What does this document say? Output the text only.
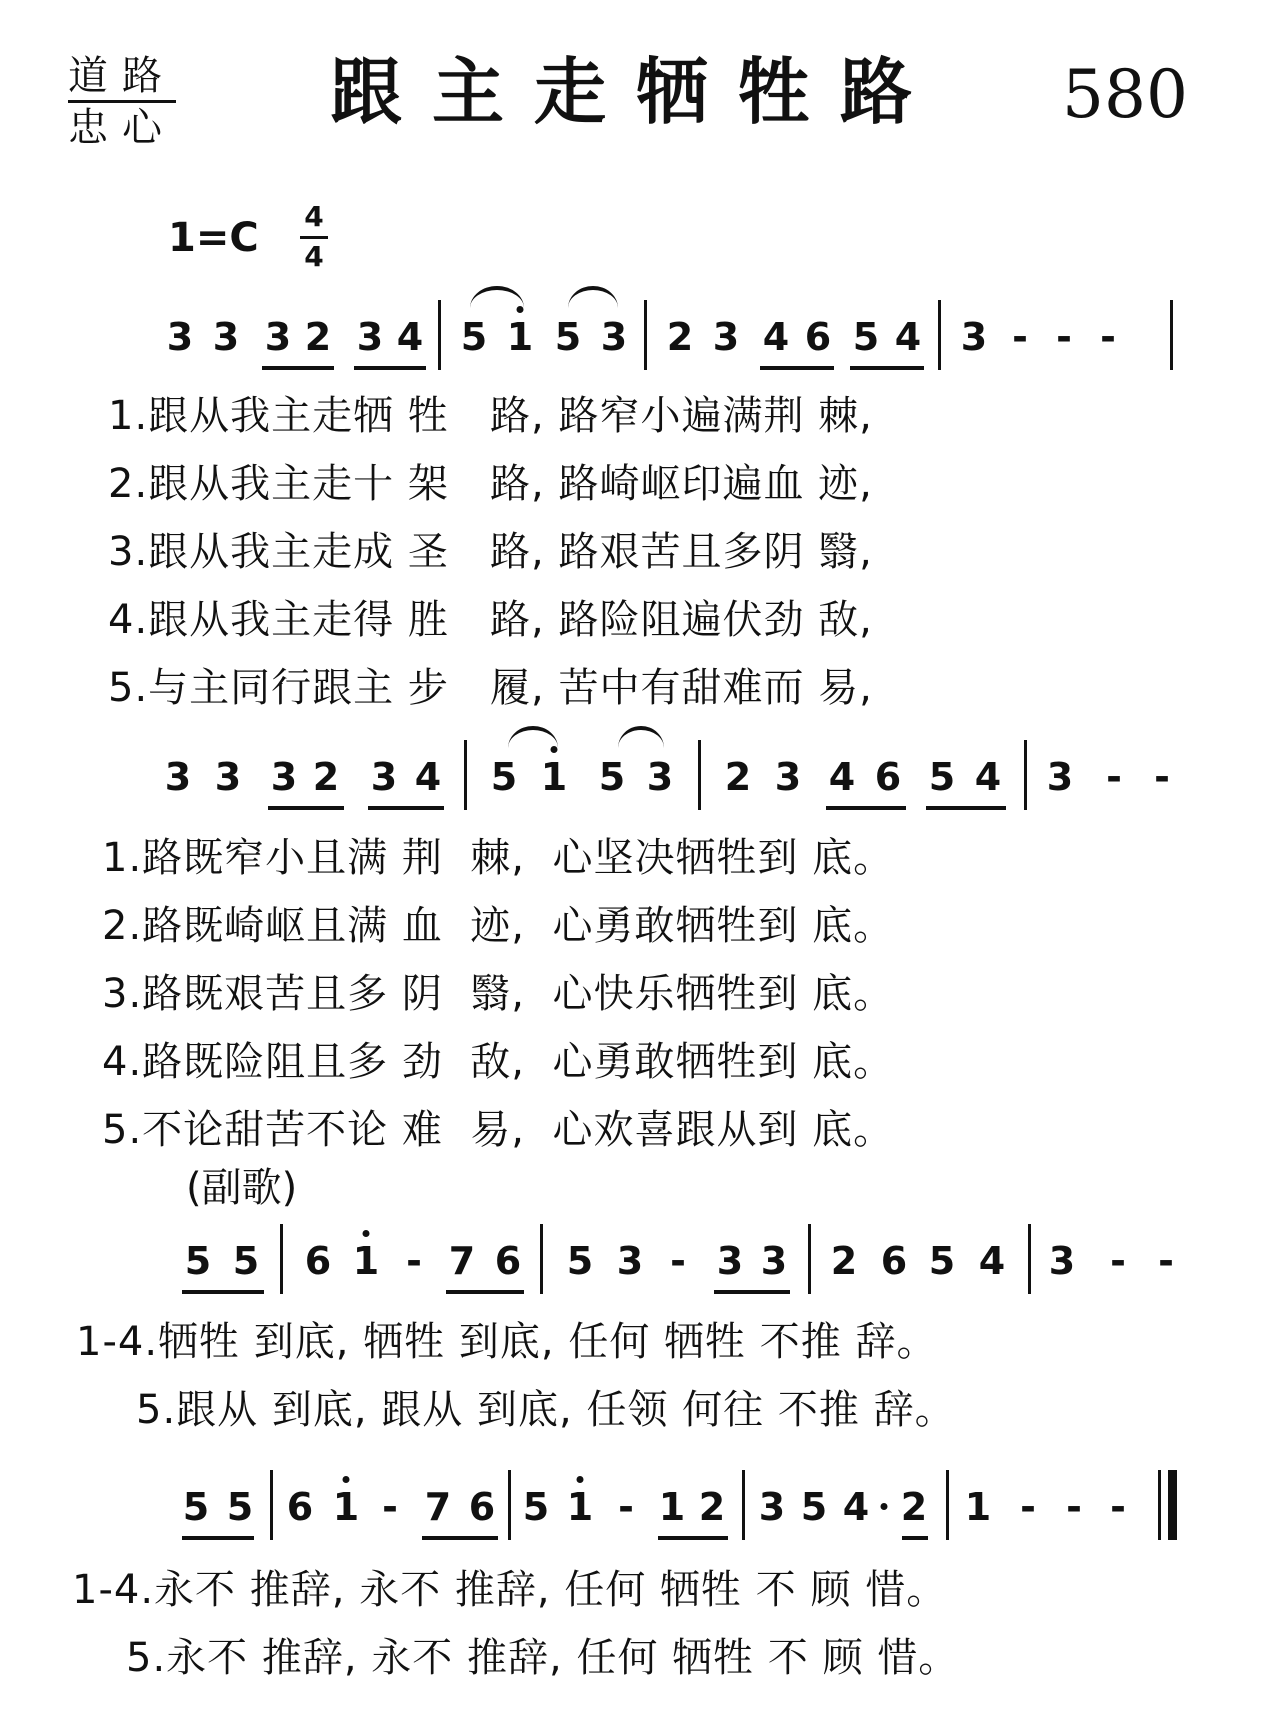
道路
忠心 跟主走牺牲路 580
1=C 4
4
3 3 3 2 3 4 5 1 5 3 2 3 4 6 5 4 3 - - -
1.跟从我主走牺 牲   路, 路窄小遍满荆 棘,
2.跟从我主走十 架   路, 路崎岖印遍血 迹,
3.跟从我主走成 圣   路, 路艰苦且多阴 翳,
4.跟从我主走得 胜   路, 路险阻遍伏劲 敌,
5.与主同行跟主 步   履, 苦中有甜难而 易,
3 3 3 2 3 4 5 1 5 3 2 3 4 6 5 4 3 - -
1.路既窄小且满 荆  棘,  心坚决牺牲到 底。
2.路既崎岖且满 血  迹,  心勇敢牺牲到 底。
3.路既艰苦且多 阴  翳,  心快乐牺牲到 底。
4.路既险阻且多 劲  敌,  心勇敢牺牲到 底。
5.不论甜苦不论 难  易,  心欢喜跟从到 底。
(副歌)
5 5 6 1 - 7 6 5 3 - 3 3 2 6 5 4 3 - -
1-4.牺牲 到底, 牺牲 到底, 任何 牺牲 不推 辞。
5.跟从 到底, 跟从 到底, 任领 何往 不推 辞。
5 5 6 1 - 7 6 5 1 - 1 2 3 5 4 2 1 - - -
1-4.永不 推辞, 永不 推辞, 任何 牺牲 不 顾 惜。
5.永不 推辞, 永不 推辞, 任何 牺牲 不 顾 惜。
